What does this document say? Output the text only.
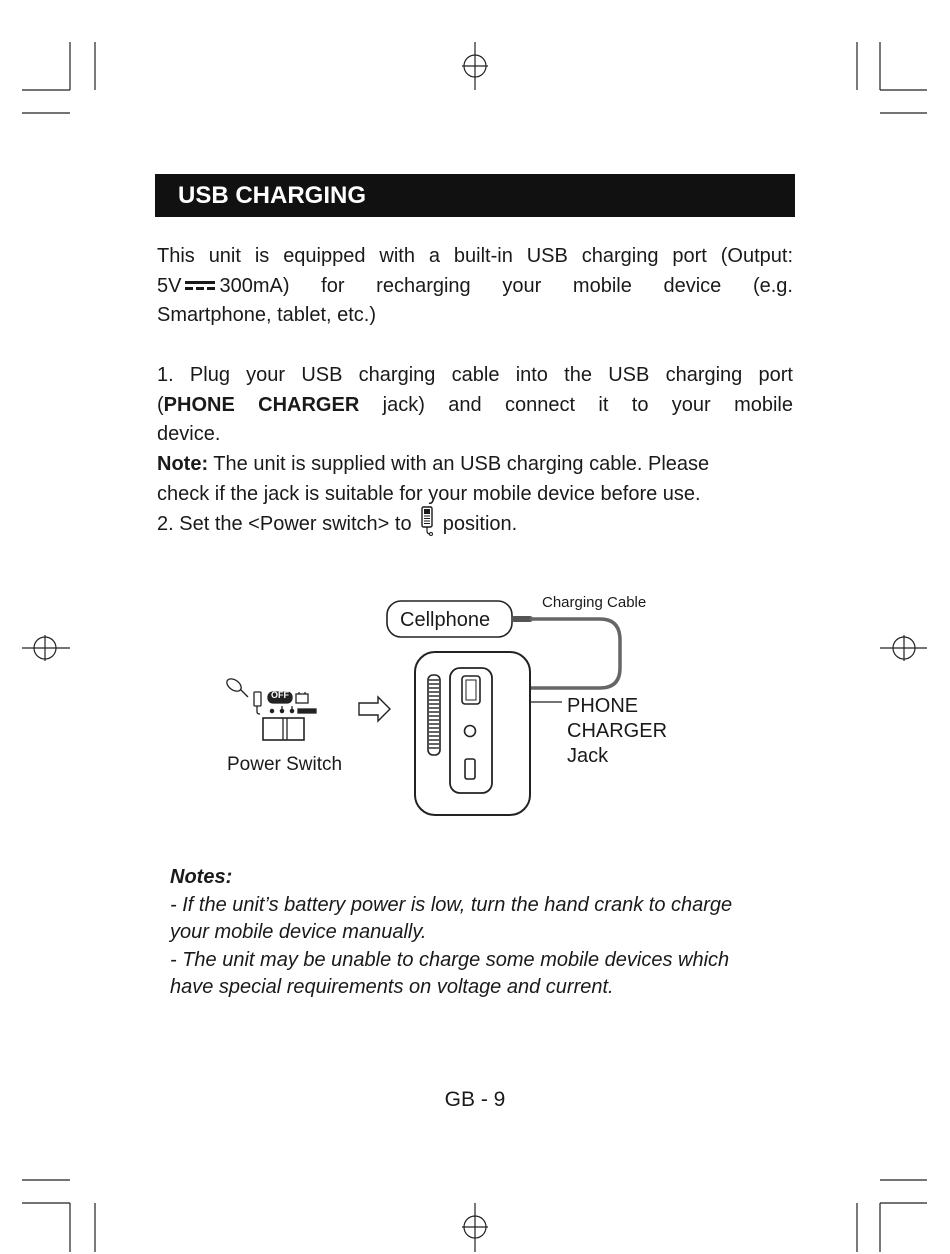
USB CHARGING
This unit is equipped with a built-in USB charging port (Output:
5V 300mA) for recharging your mobile device (e.g.
Smartphone, tablet, etc.)
1. Plug your USB charging cable into the USB charging port
(PHONE CHARGER jack) and connect it to your mobile
device.
Note: The unit is supplied with an USB charging cable. Please
check if the jack is suitable for your mobile device before use.
2. Set the <Power switch> to  position.
OFF
Cellphone
Charging Cable
PHONE
CHARGER
Jack
Power Switch
Notes:
- If the unit’s battery power is low, turn the hand crank to charge
your mobile device manually.
- The unit may be unable to charge some mobile devices which
have special requirements on voltage and current.
GB - 9
